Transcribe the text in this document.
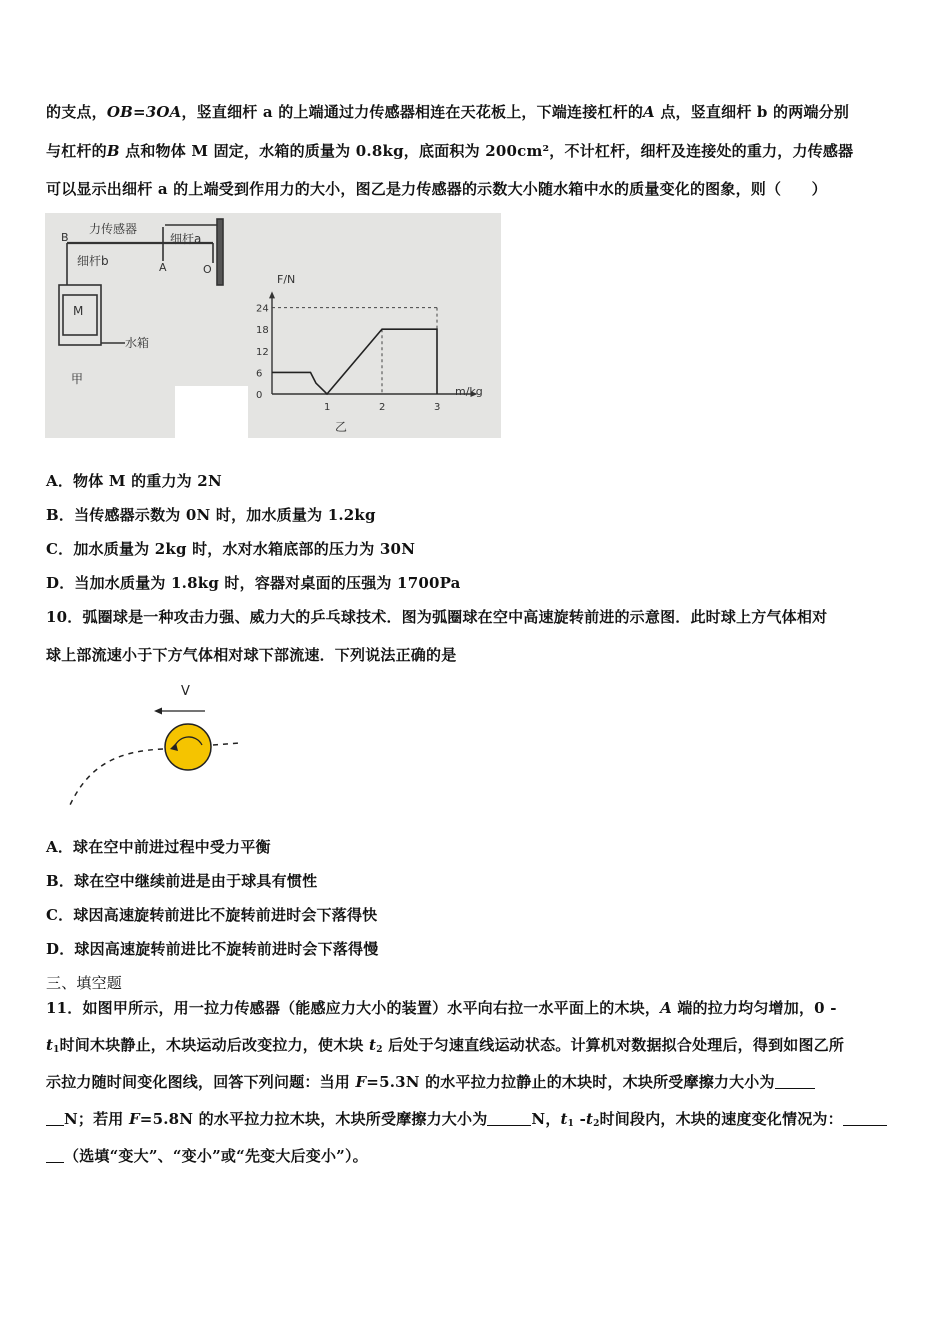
的支点，OB=3OA，竖直细杆 a 的上端通过力传感器相连在天花板上，下端连接杠杆的A 点，竖直细杆 b 的两端分别
与杠杆的B 点和物体 M 固定，水箱的质量为 0.8kg，底面积为 200cm²，不计杠杆，细杆及连接处的重力，力传感器
可以显示出细杆 a 的上端受到作用力的大小，图乙是力传感器的示数大小随水箱中水的质量变化的图象，则（　　）
力传感器
细杆a
细杆b
B
A	O
M
水箱
甲
24
18
12
6
0
1	2	3
F/N
m/kg
乙
A．物体 M 的重力为 2N
B．当传感器示数为 0N 时，加水质量为 1.2kg
C．加水质量为 2kg 时，水对水箱底部的压力为 30N
D．当加水质量为 1.8kg 时，容器对桌面的压强为 1700Pa
10．弧圈球是一种攻击力强、威力大的乒乓球技术．图为弧圈球在空中高速旋转前进的示意图．此时球上方气体相对
球上部流速小于下方气体相对球下部流速．下列说法正确的是
V
A．球在空中前进过程中受力平衡
B．球在空中继续前进是由于球具有惯性
C．球因高速旋转前进比不旋转前进时会下落得快
D．球因高速旋转前进比不旋转前进时会下落得慢
三、填空题
11．如图甲所示，用一拉力传感器（能感应力大小的装置）水平向右拉一水平面上的木块，A 端的拉力均匀增加，0 -
$t_1$时间木块静止，木块运动后改变拉力，使木块 $t_2$ 后处于匀速直线运动状态。计算机对数据拟合处理后，得到如图乙所
示拉力随时间变化图线，回答下列问题：当用 F=5.3N 的水平拉力拉静止的木块时，木块所受摩擦力大小为
N；若用 F=5.8N 的水平拉力拉木块，木块所受摩擦力大小为	N，$t_1$ $-t_2$时间段内，木块的速度变化情况为：
（选填“变大”、“变小”或“先变大后变小”）。
